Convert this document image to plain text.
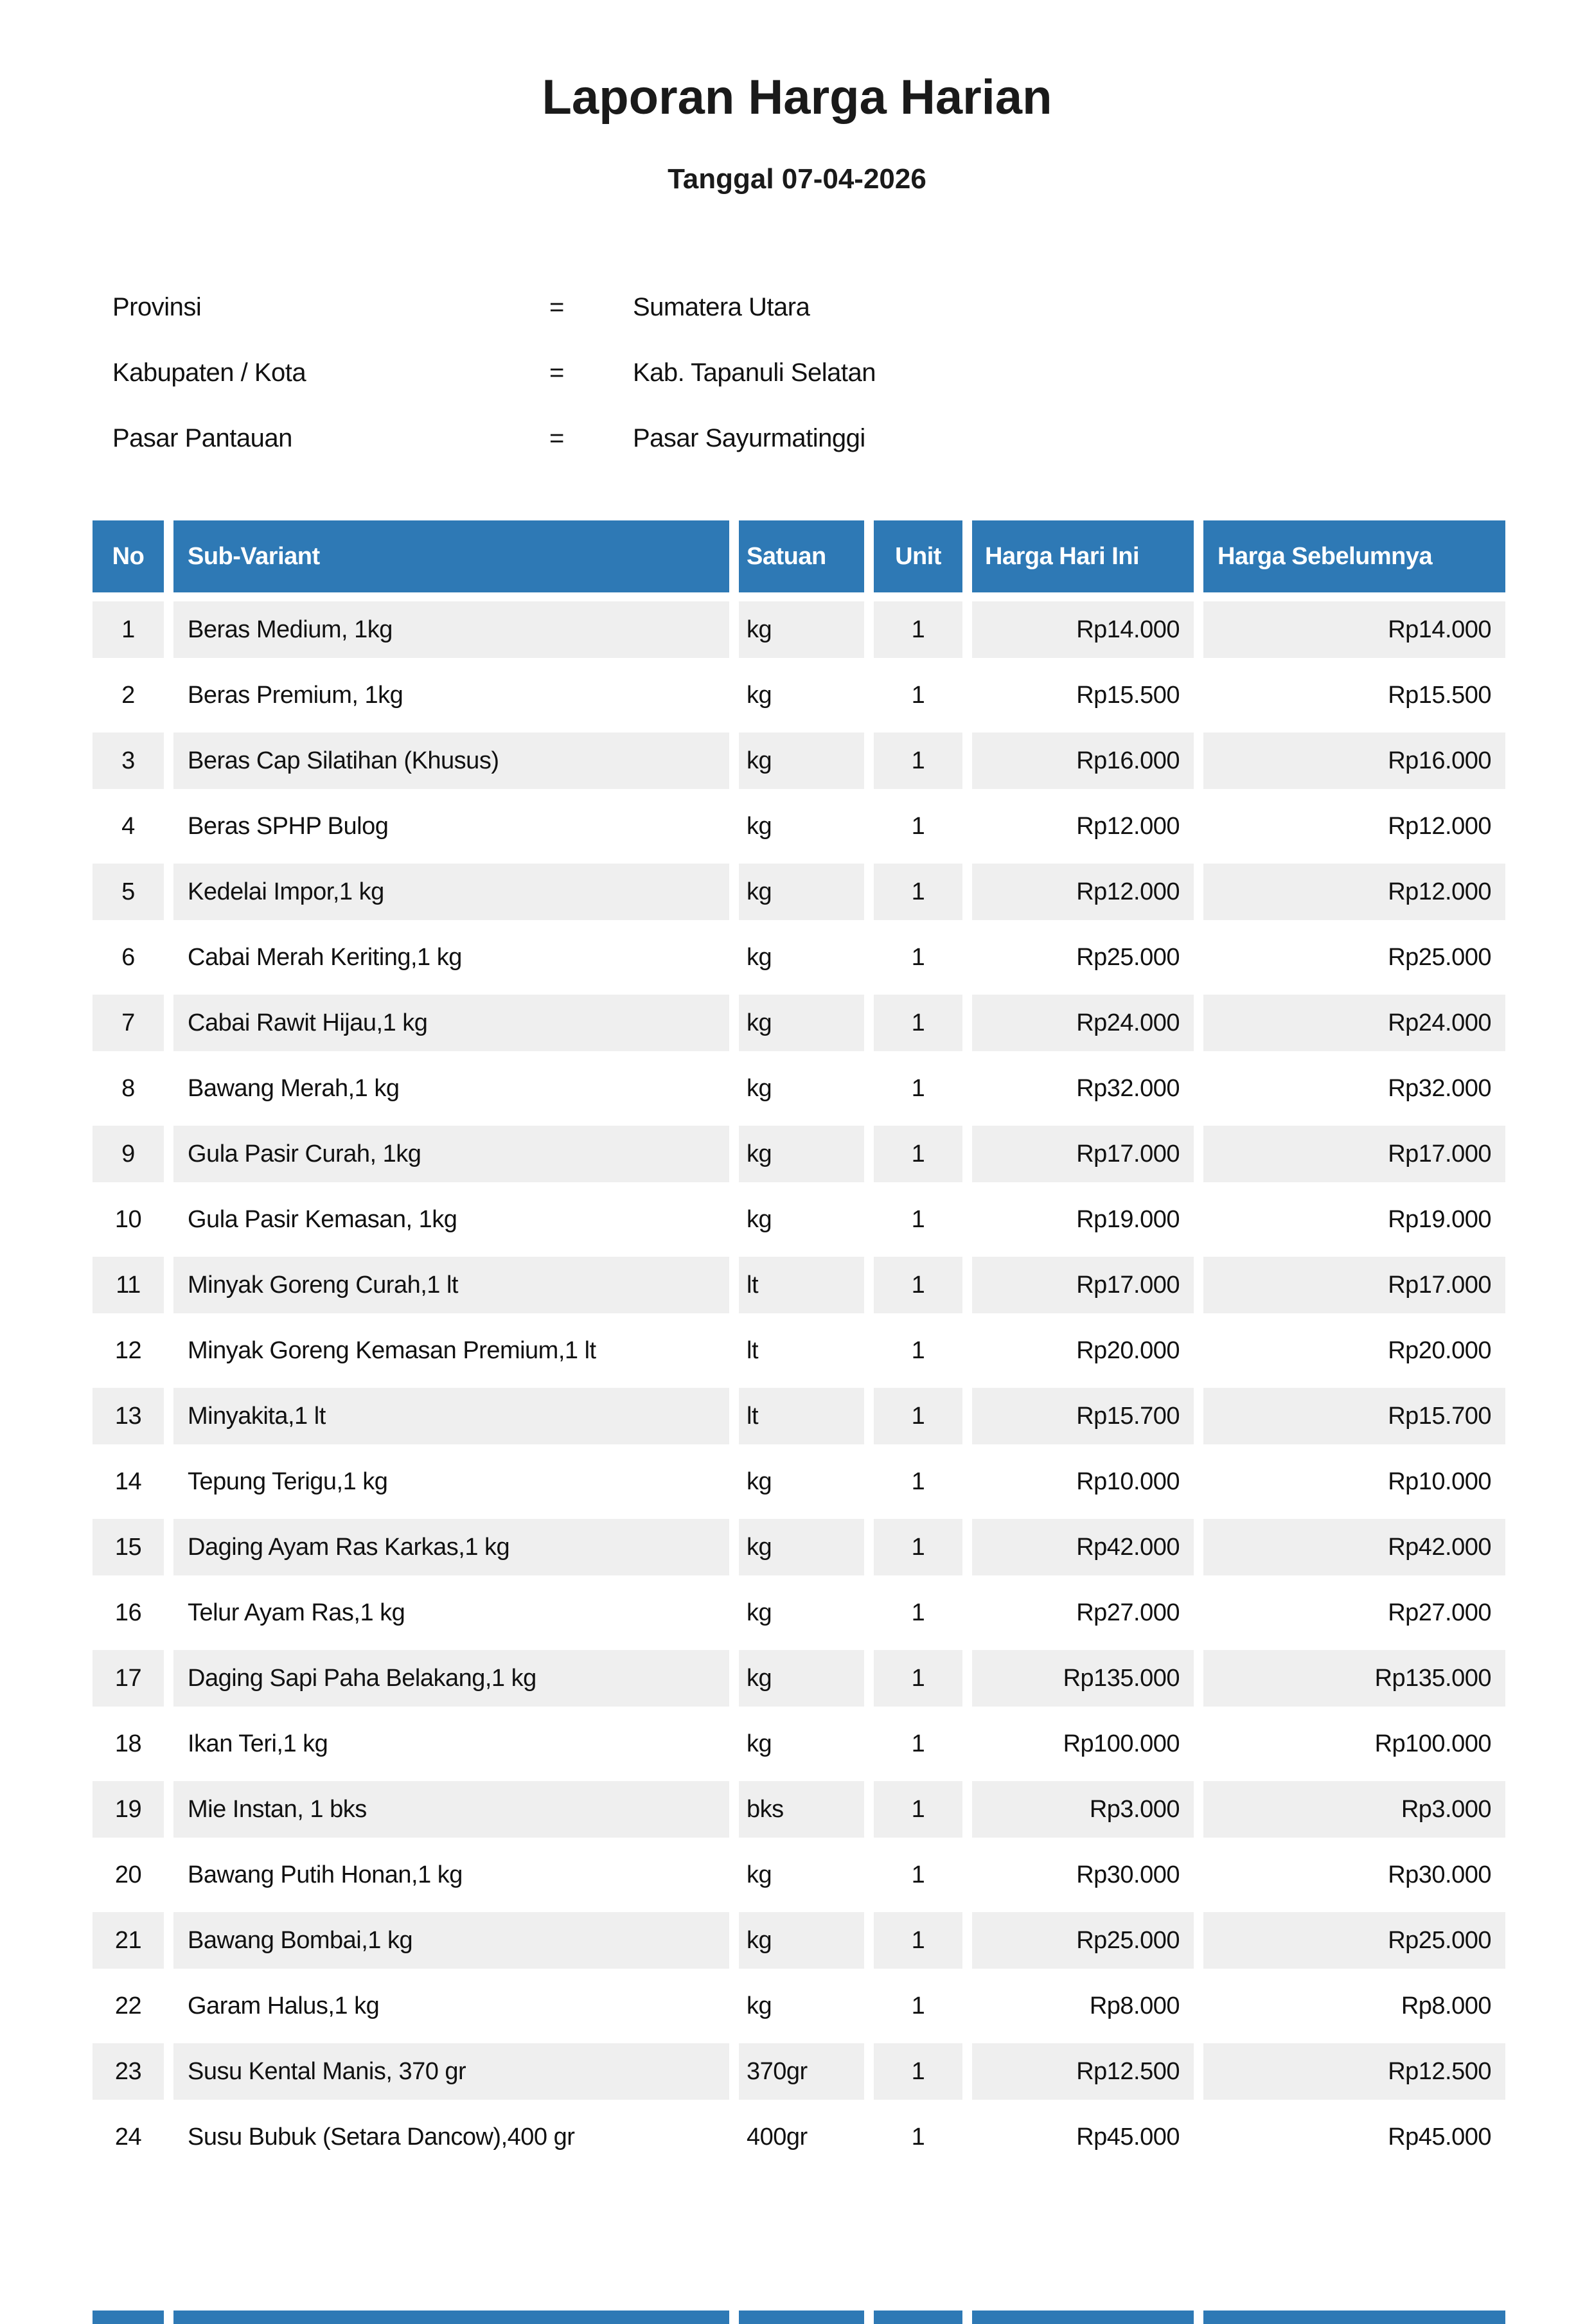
Laporan Harga Harian
Tanggal 07-04-2026
Provinsi	=	Sumatera Utara
Kabupaten / Kota	=	Kab. Tapanuli Selatan
Pasar Pantauan	=	Pasar Sayurmatinggi
No	Sub-Variant	Satuan	Unit	Harga Hari Ini	Harga Sebelumnya
1	Beras Medium, 1kg	kg	1	Rp14.000	Rp14.000
2	Beras Premium, 1kg	kg	1	Rp15.500	Rp15.500
3	Beras Cap Silatihan (Khusus)	kg	1	Rp16.000	Rp16.000
4	Beras SPHP Bulog	kg	1	Rp12.000	Rp12.000
5	Kedelai Impor,1 kg	kg	1	Rp12.000	Rp12.000
6	Cabai Merah Keriting,1 kg	kg	1	Rp25.000	Rp25.000
7	Cabai Rawit Hijau,1 kg	kg	1	Rp24.000	Rp24.000
8	Bawang Merah,1 kg	kg	1	Rp32.000	Rp32.000
9	Gula Pasir Curah, 1kg	kg	1	Rp17.000	Rp17.000
10	Gula Pasir Kemasan, 1kg	kg	1	Rp19.000	Rp19.000
11	Minyak Goreng Curah,1 lt	lt	1	Rp17.000	Rp17.000
12	Minyak Goreng Kemasan Premium,1 lt	lt	1	Rp20.000	Rp20.000
13	Minyakita,1 lt	lt	1	Rp15.700	Rp15.700
14	Tepung Terigu,1 kg	kg	1	Rp10.000	Rp10.000
15	Daging Ayam Ras Karkas,1 kg	kg	1	Rp42.000	Rp42.000
16	Telur Ayam Ras,1 kg	kg	1	Rp27.000	Rp27.000
17	Daging Sapi Paha Belakang,1 kg	kg	1	Rp135.000	Rp135.000
18	Ikan Teri,1 kg	kg	1	Rp100.000	Rp100.000
19	Mie Instan, 1 bks	bks	1	Rp3.000	Rp3.000
20	Bawang Putih Honan,1 kg	kg	1	Rp30.000	Rp30.000
21	Bawang Bombai,1 kg	kg	1	Rp25.000	Rp25.000
22	Garam Halus,1 kg	kg	1	Rp8.000	Rp8.000
23	Susu Kental Manis, 370 gr	370gr	1	Rp12.500	Rp12.500
24	Susu Bubuk (Setara Dancow),400 gr	400gr	1	Rp45.000	Rp45.000
